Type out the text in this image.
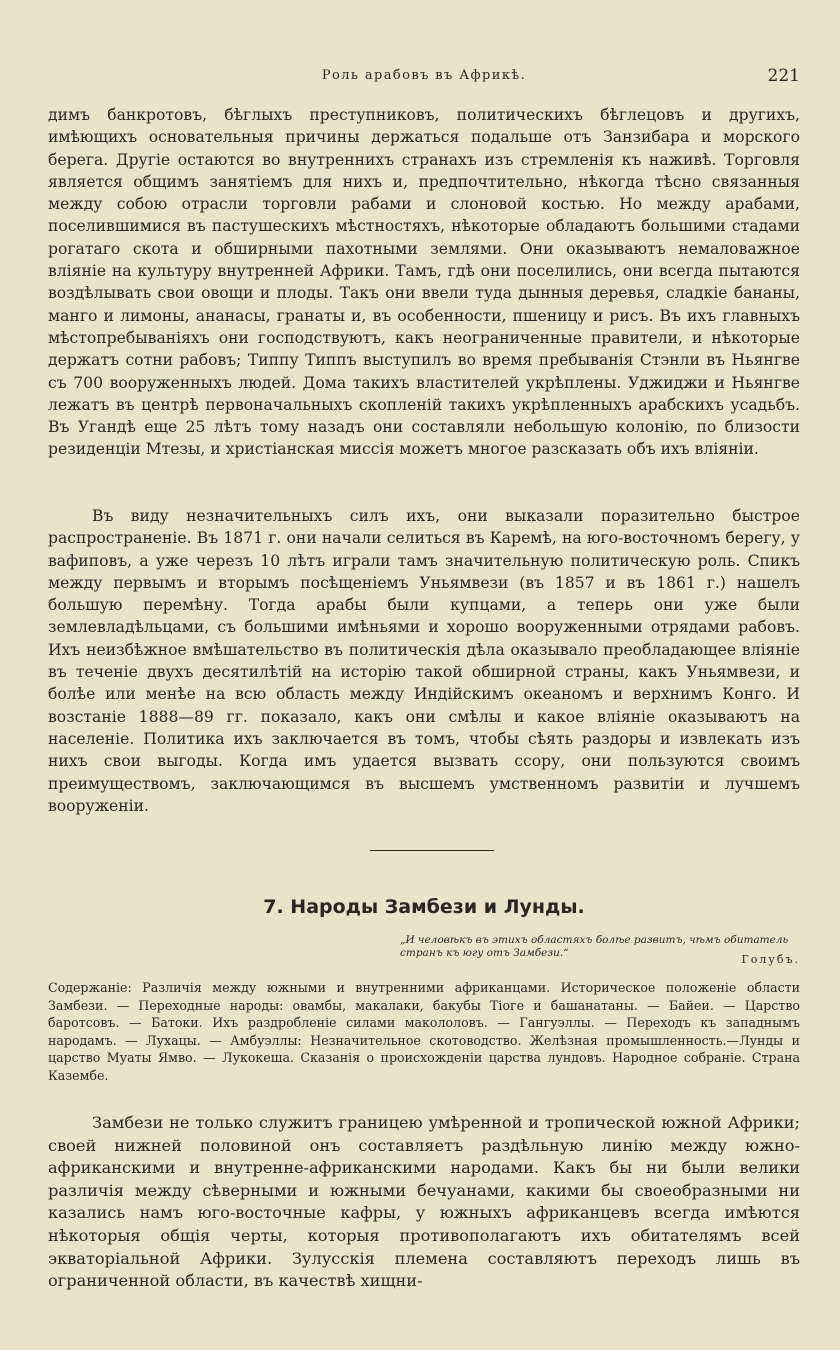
Роль арабовъ въ Африкѣ.	221

димъ банкротовъ, бѣглыхъ преступниковъ, политическихъ бѣглецовъ и другихъ, имѣющихъ основательныя причины держаться подальше отъ Занзибара и морского берега. Другіе остаются во внутреннихъ странахъ изъ стремленія къ наживѣ. Торговля является общимъ занятіемъ для нихъ и, предпочтительно, нѣкогда тѣсно связанныя между собою отрасли торговли рабами и слоновой костью. Но между арабами, поселившимися въ пастушескихъ мѣстностяхъ, нѣкоторые обладаютъ большими стадами рогатаго скота и обширными пахотными землями. Они оказываютъ немаловажное вліяніе на культуру внутренней Африки. Тамъ, гдѣ они поселились, они всегда пытаются воздѣлывать свои овощи и плоды. Такъ они ввели туда дынныя деревья, сладкіе бананы, манго и лимоны, ананасы, гранаты и, въ особенности, пшеницу и рисъ. Въ ихъ главныхъ мѣстопребываніяхъ они господствуютъ, какъ неограниченные правители, и нѣкоторые держатъ сотни рабовъ; Типпу Типпъ выступилъ во время пребыванія Стэнли въ Ньянгве съ 700 вооруженныхъ людей. Дома такихъ властителей укрѣплены. Уджиджи и Ньянгве лежатъ въ центрѣ первоначальныхъ скопленій такихъ укрѣпленныхъ арабскихъ усадьбъ. Въ Угандѣ еще 25 лѣтъ тому назадъ они составляли небольшую колонію, по близости резиденціи Мтезы, и христіанская миссія можетъ многое разсказать объ ихъ вліяніи.

Въ виду незначительныхъ силъ ихъ, они выказали поразительно быстрое распространеніе. Въ 1871 г. они начали селиться въ Каремѣ, на юго-восточномъ берегу, у вафиповъ, а уже черезъ 10 лѣтъ играли тамъ значительную политическую роль. Спикъ между первымъ и вторымъ посѣщеніемъ Уньямвези (въ 1857 и въ 1861 г.) нашелъ большую перемѣну. Тогда арабы были купцами, а теперь они уже были землевладѣльцами, съ большими имѣньями и хорошо вооруженными отрядами рабовъ. Ихъ неизбѣжное вмѣшательство въ политическія дѣла оказывало преобладающее вліяніе въ теченіе двухъ десятилѣтій на исторію такой обширной страны, какъ Уньямвези, и болѣе или менѣе на всю область между Индійскимъ океаномъ и верхнимъ Конго. И возстаніе 1888—89 гг. показало, какъ они смѣлы и какое вліяніе оказываютъ на населеніе. Политика ихъ заключается въ томъ, чтобы сѣять раздоры и извлекать изъ нихъ свои выгоды. Когда имъ удается вызвать ссору, они пользуются своимъ преимуществомъ, заключающимся въ высшемъ умственномъ развитіи и лучшемъ вооруженіи.

7. Народы Замбези и Лунды.
„И человѣкъ въ этихъ областяхъ болѣе развитъ, чѣмъ обитатель странъ къ югу отъ Замбези.“	Голубъ.

Содержаніе: Различія между южными и внутренними африканцами. Историческое положеніе области Замбези. — Переходные народы: овамбы, макалаки, бакубы Тіоге и башанатаны. — Байеи. — Царство баротсовъ. — Батоки. Ихъ раздробленіе силами макололовъ. — Гангуэллы. — Переходъ къ западнымъ народамъ. — Лухацы. — Амбуэллы: Незначительное скотоводство. Желѣзная промышленность.—Лунды и царство Муаты Ямво. — Лукокеша. Сказанія о происхожденіи царства лундовъ. Народное собраніе. Страна Казембе.

Замбези не только служитъ границею умѣренной и тропической южной Африки; своей нижней половиной онъ составляетъ раздѣльную линію между южно-африканскими и внутренне-африканскими народами. Какъ бы ни были велики различія между сѣверными и южными бечуанами, какими бы своеобразными ни казались намъ юго-восточные кафры, у южныхъ африканцевъ всегда имѣются нѣкоторыя общія черты, которыя противополагаютъ ихъ обитателямъ всей экваторіальной Африки. Зулусскія племена составляютъ переходъ лишь въ ограниченной области, въ качествѣ хищни-
